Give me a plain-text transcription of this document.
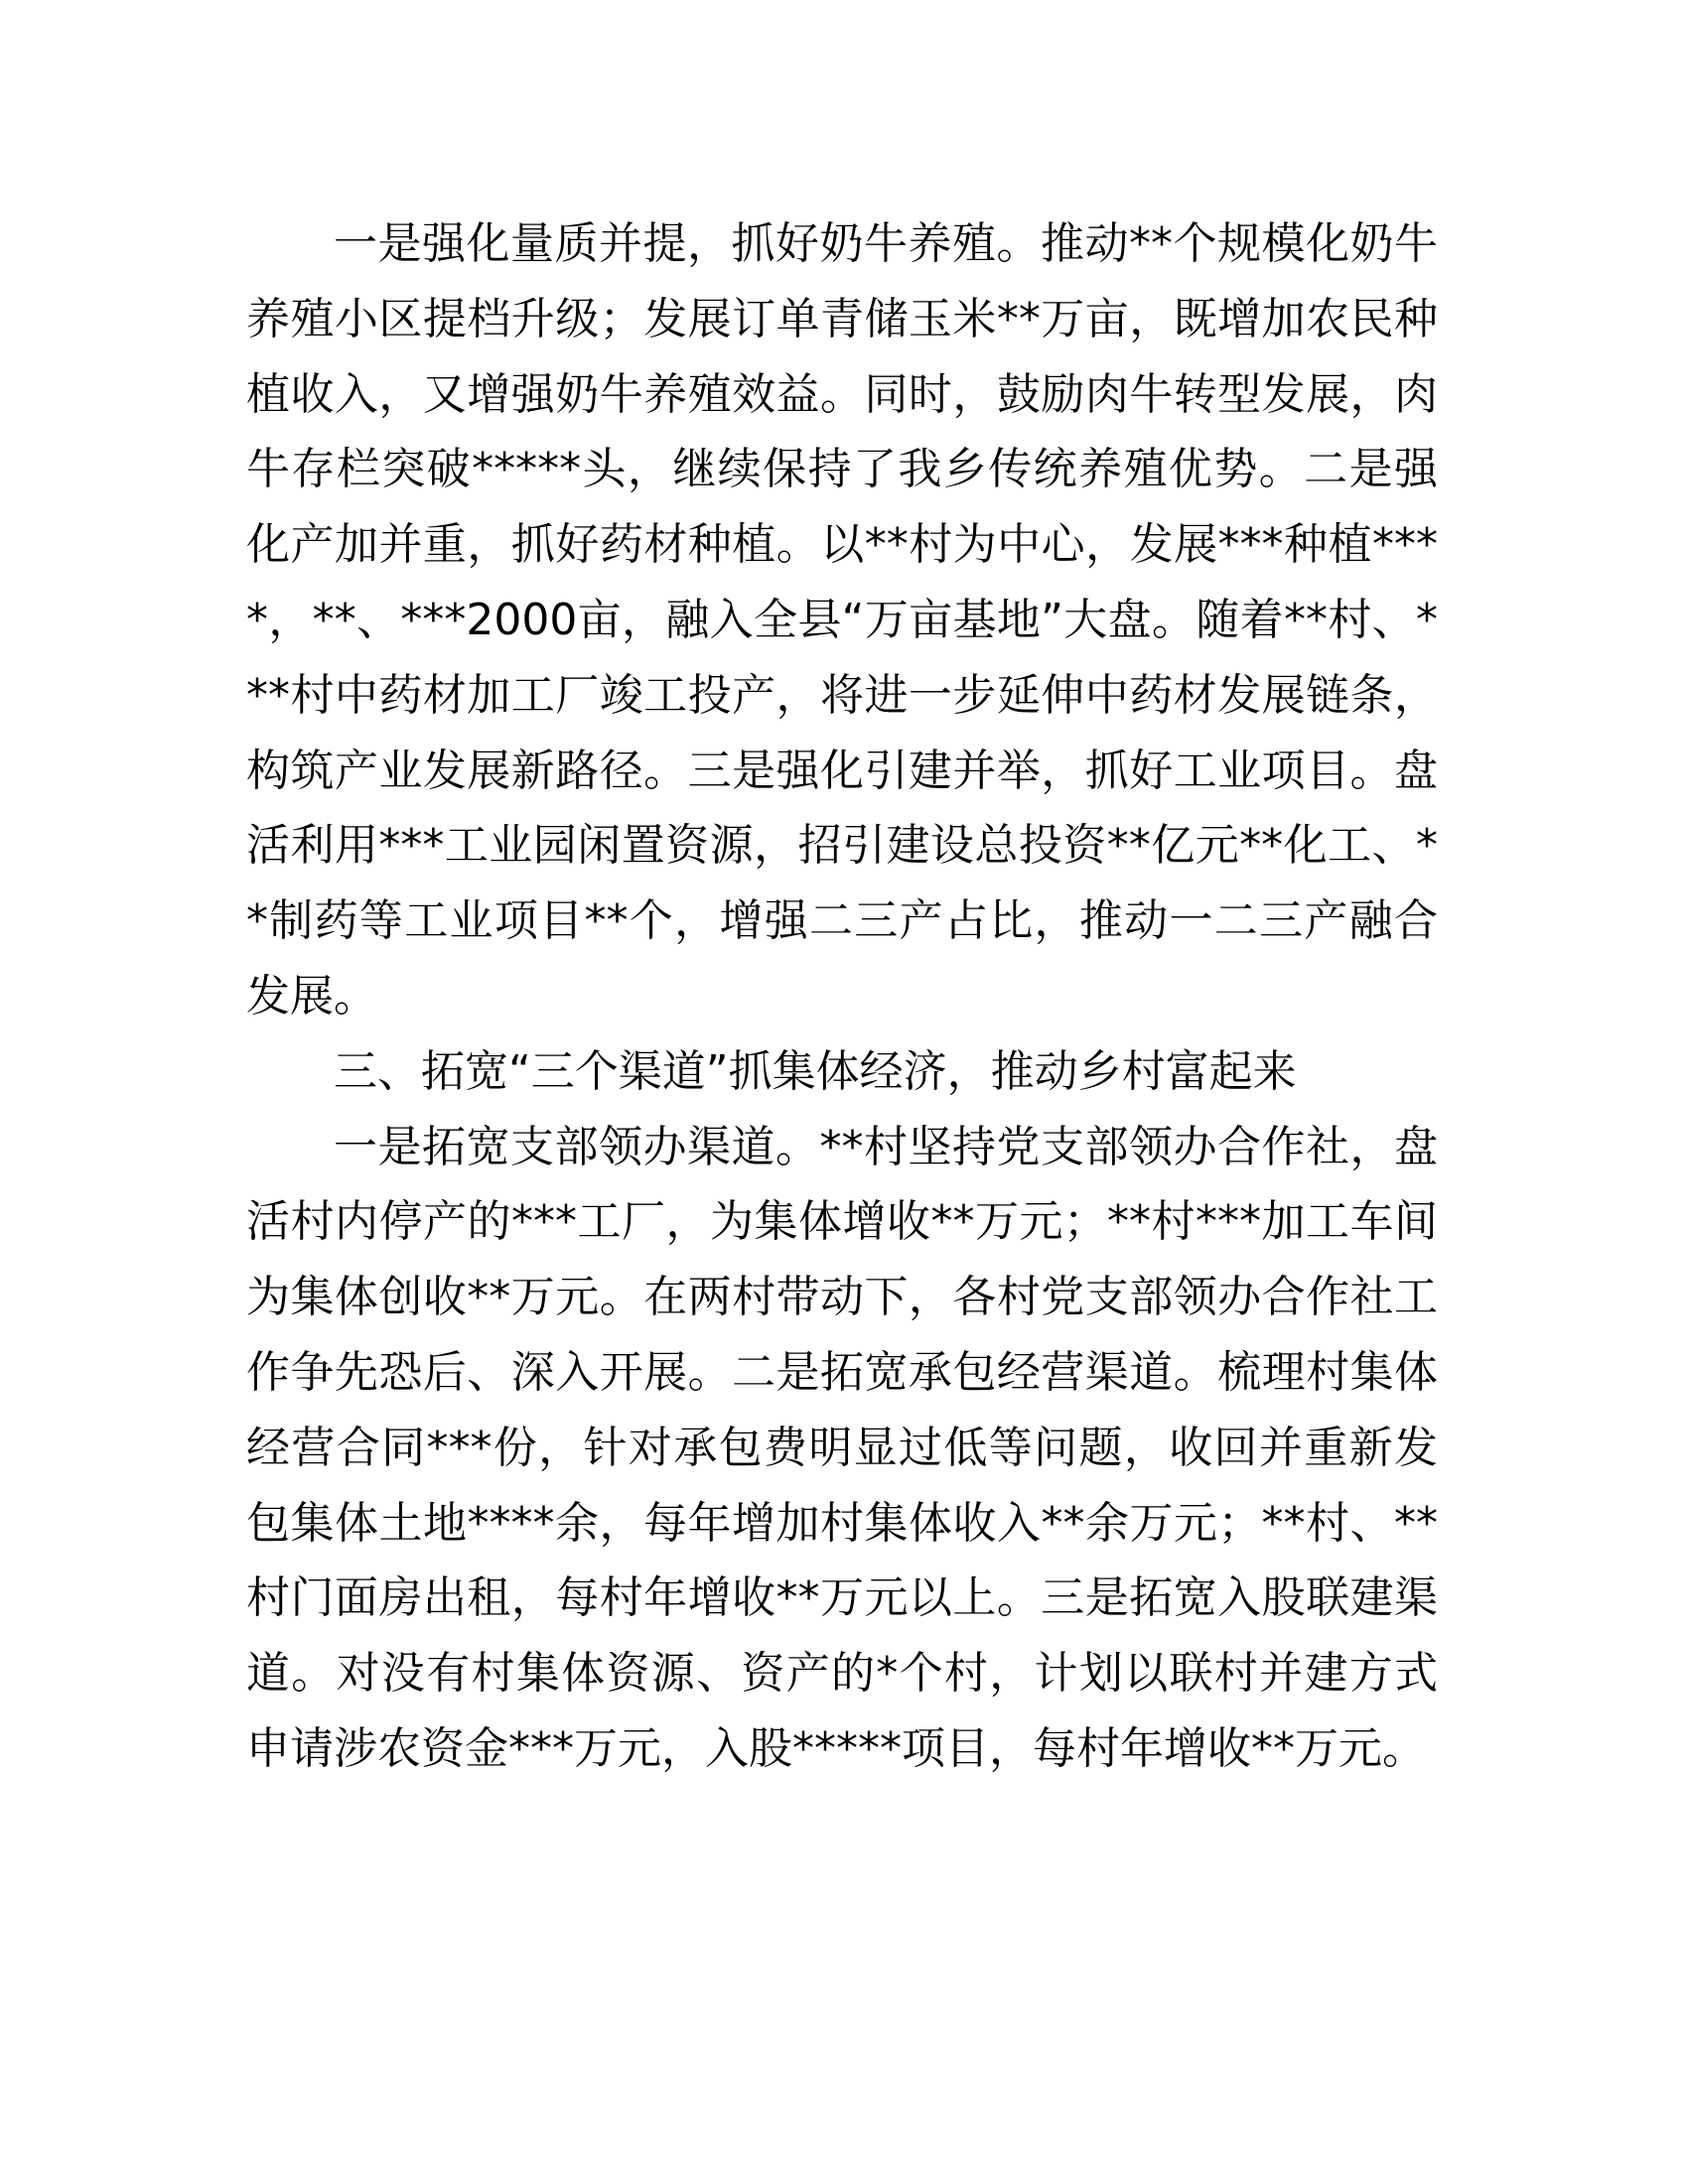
一是强化量质并提，抓好奶牛养殖。推动**个规模化奶牛养殖小区提档升级；发展订单青储玉米**万亩，既增加农民种植收入，又增强奶牛养殖效益。同时，鼓励肉牛转型发展，肉牛存栏突破*****头，继续保持了我乡传统养殖优势。二是强化产加并重，抓好药材种植。以**村为中心，发展***种植****，**、***2000亩，融入全县“万亩基地”大盘。随着**村、***村中药材加工厂竣工投产，将进一步延伸中药材发展链条，构筑产业发展新路径。三是强化引建并举，抓好工业项目。盘活利用***工业园闲置资源，招引建设总投资**亿元**化工、**制药等工业项目**个，增强二三产占比，推动一二三产融合发展。

三、拓宽“三个渠道”抓集体经济，推动乡村富起来

一是拓宽支部领办渠道。**村坚持党支部领办合作社，盘活村内停产的***工厂，为集体增收**万元；**村***加工车间为集体创收**万元。在两村带动下，各村党支部领办合作社工作争先恐后、深入开展。二是拓宽承包经营渠道。梳理村集体经营合同***份，针对承包费明显过低等问题，收回并重新发包集体土地****余，每年增加村集体收入**余万元；**村、**村门面房出租，每村年增收**万元以上。三是拓宽入股联建渠道。对没有村集体资源、资产的*个村，计划以联村并建方式申请涉农资金***万元，入股*****项目，每村年增收**万元。
